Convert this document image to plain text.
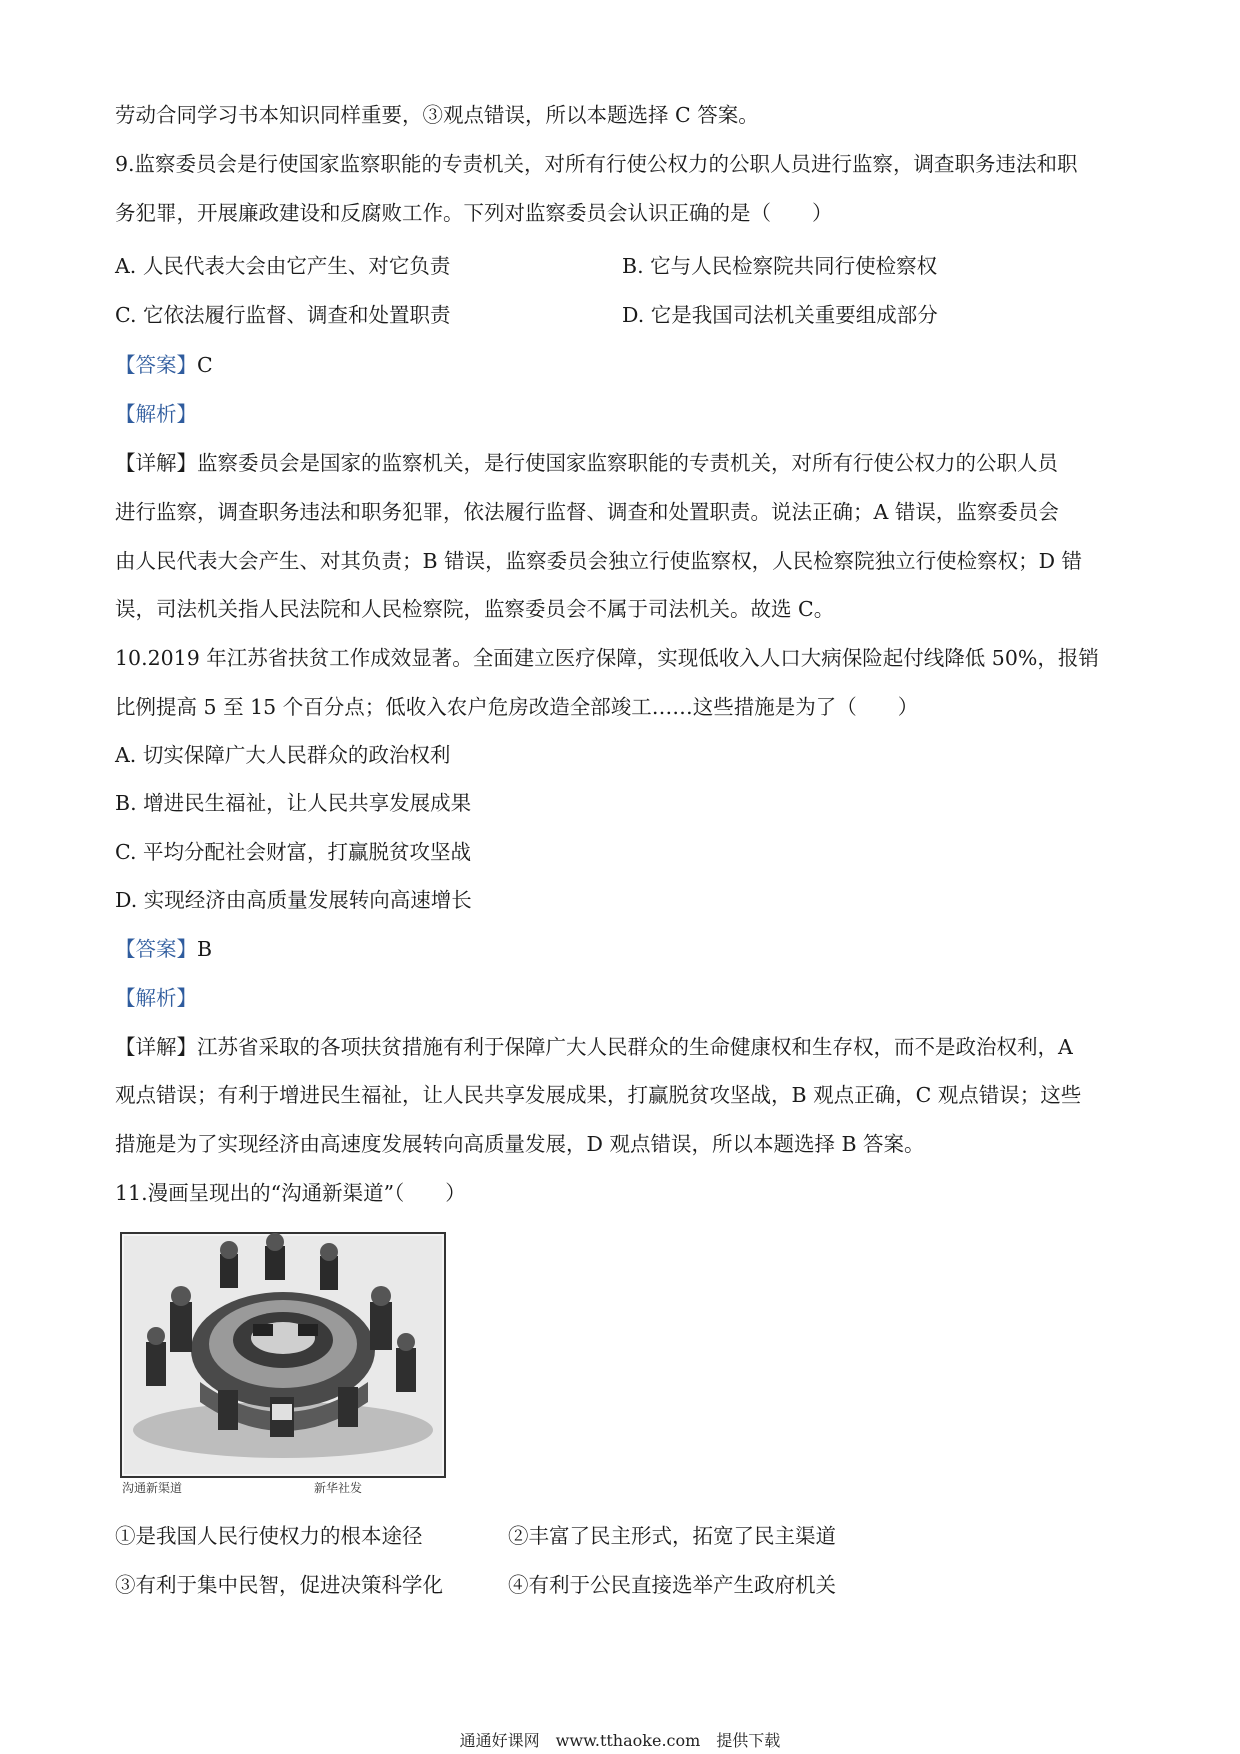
劳动合同学习书本知识同样重要，③观点错误，所以本题选择 C 答案。
9.监察委员会是行使国家监察职能的专责机关，对所有行使公权力的公职人员进行监察，调查职务违法和职
务犯罪，开展廉政建设和反腐败工作。下列对监察委员会认识正确的是（　　）
A. 人民代表大会由它产生、对它负责	B. 它与人民检察院共同行使检察权
C. 它依法履行监督、调查和处置职责	D. 它是我国司法机关重要组成部分
【答案】C
【解析】
【详解】监察委员会是国家的监察机关，是行使国家监察职能的专责机关，对所有行使公权力的公职人员
进行监察，调查职务违法和职务犯罪，依法履行监督、调查和处置职责。说法正确；A 错误，监察委员会
由人民代表大会产生、对其负责；B 错误，监察委员会独立行使监察权，人民检察院独立行使检察权；D 错
误，司法机关指人民法院和人民检察院，监察委员会不属于司法机关。故选 C。
10.2019 年江苏省扶贫工作成效显著。全面建立医疗保障，实现低收入人口大病保险起付线降低 50%，报销
比例提高 5 至 15 个百分点；低收入农户危房改造全部竣工……这些措施是为了（　　）
A. 切实保障广大人民群众的政治权利
B. 增进民生福祉，让人民共享发展成果
C. 平均分配社会财富，打赢脱贫攻坚战
D. 实现经济由高质量发展转向高速增长
【答案】B
【解析】
【详解】江苏省采取的各项扶贫措施有利于保障广大人民群众的生命健康权和生存权，而不是政治权利，A
观点错误；有利于增进民生福祉，让人民共享发展成果，打赢脱贫攻坚战，B 观点正确，C 观点错误；这些
措施是为了实现经济由高速度发展转向高质量发展，D 观点错误，所以本题选择 B 答案。
11.漫画呈现出的“沟通新渠道”（　　）
沟通新渠道	新华社发
①是我国人民行使权力的根本途径	②丰富了民主形式，拓宽了民主渠道
③有利于集中民智，促进决策科学化	④有利于公民直接选举产生政府机关
通通好课网　www.tthaoke.com　提供下载
